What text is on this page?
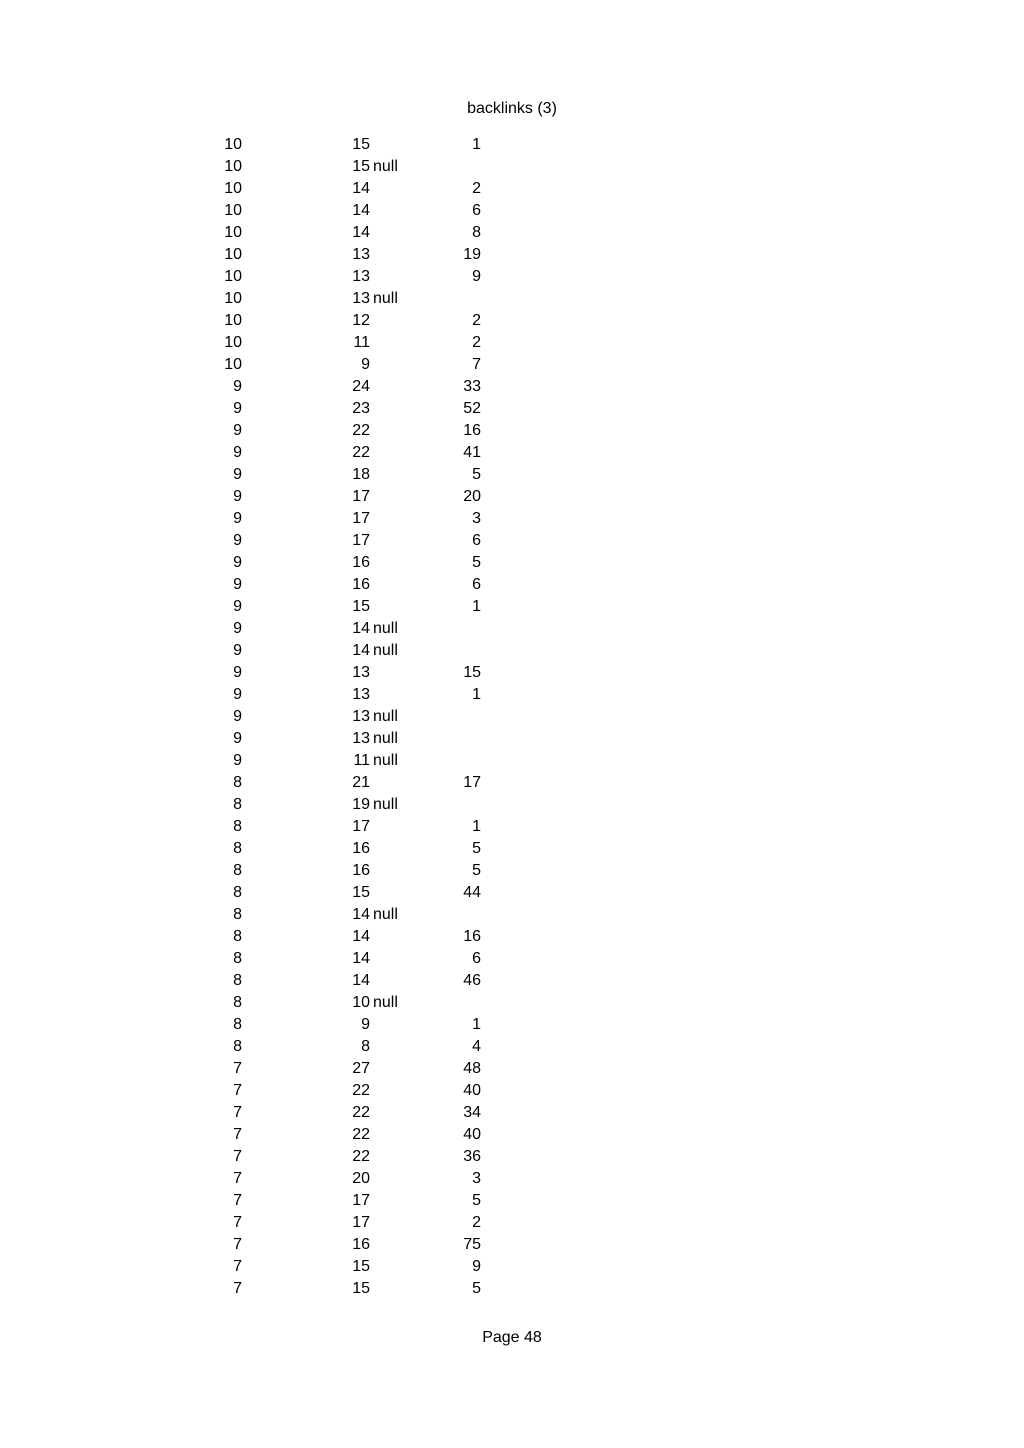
backlinks (3)
10	15	1
10	15 null
10	14	2
10	14	6
10	14	8
10	13	19
10	13	9
10	13 null
10	12	2
10	11	2
10	9	7
9	24	33
9	23	52
9	22	16
9	22	41
9	18	5
9	17	20
9	17	3
9	17	6
9	16	5
9	16	6
9	15	1
9	14 null
9	14 null
9	13	15
9	13	1
9	13 null
9	13 null
9	11 null
8	21	17
8	19 null
8	17	1
8	16	5
8	16	5
8	15	44
8	14 null
8	14	16
8	14	6
8	14	46
8	10 null
8	9	1
8	8	4
7	27	48
7	22	40
7	22	34
7	22	40
7	22	36
7	20	3
7	17	5
7	17	2
7	16	75
7	15	9
7	15	5
Page 48
